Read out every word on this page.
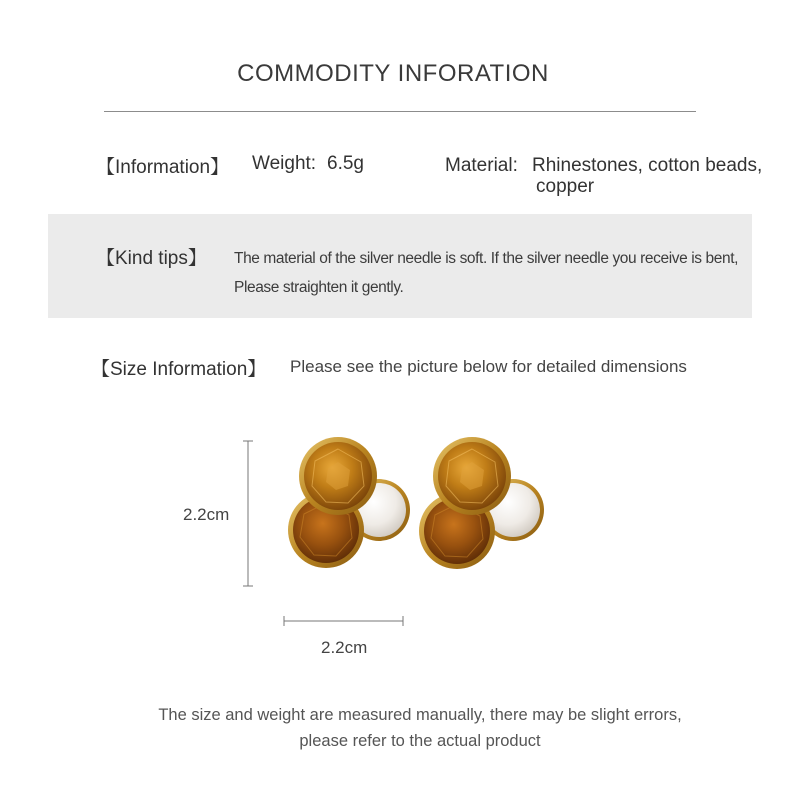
COMMODITY INFORATION
【Information】 Weight: 6.5g	Material: Rhinestones, cotton beads,
copper
【Kind tips】 The material of the silver needle is soft. If the silver needle you receive is bent,
Please straighten it gently.
【Size Information】 Please see the picture below for detailed dimensions
2.2cm
2.2cm
The size and weight are measured manually, there may be slight errors,
please refer to the actual product
